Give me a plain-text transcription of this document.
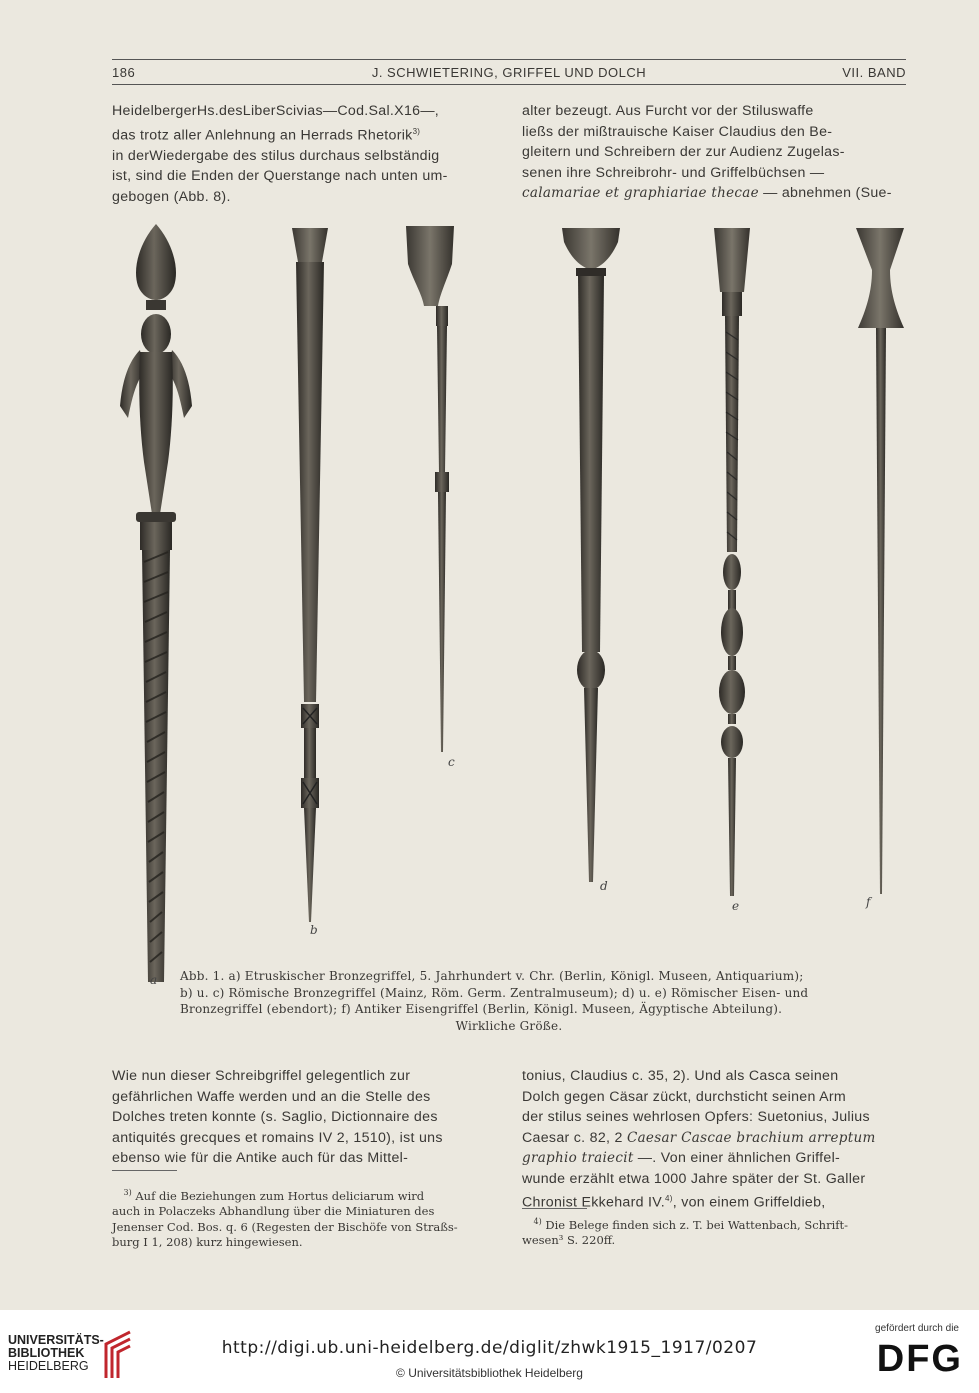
186	J. SCHWIETERING, GRIFFEL UND DOLCH	VII. BAND

HeidelbergerHs.desLiberScivias—Cod.Sal.X16—,

das trotz aller Anlehnung an Herrads Rhetorik$^{3)}$

in derWiedergabe des stilus durchaus selbständig

ist, sind die Enden der Querstange nach unten um-

gebogen (Abb. 8).

alter bezeugt. Aus Furcht vor der Stiluswaffe

ließs der mißtrauische Kaiser Claudius den Be-

gleitern und Schreibern der zur Audienz Zugelas-

senen ihre Schreibrohr- und Griffelbüchsen —

calamariae et graphiariae thecae — abnehmen (Sue-

a
b
c
d
e	f
Abb. 1. a) Etruskischer Bronzegriffel, 5. Jahrhundert v. Chr. (Berlin, Königl. Museen, Antiquarium);
b) u. c) Römische Bronzegriffel (Mainz, Röm. Germ. Zentralmuseum); d) u. e) Römischer Eisen- und
Bronzegriffel (ebendort); f) Antiker Eisengriffel (Berlin, Königl. Museen, Ägyptische Abteilung).
Wirkliche Größe.

Wie nun dieser Schreibgriffel gelegentlich zur

gefährlichen Waffe werden und an die Stelle des

Dolches treten konnte (s. Saglio, Dictionnaire des

antiquités grecques et romains IV 2, 1510), ist uns

ebenso wie für die Antike auch für das Mittel-

tonius, Claudius c. 35, 2). Und als Casca seinen

Dolch gegen Cäsar zückt, durchsticht seinen Arm

der stilus seines wehrlosen Opfers: Suetonius, Julius

Caesar c. 82, 2 Caesar Cascae brachium arreptum

graphio traiecit —. Von einer ähnlichen Griffel-

wunde erzählt etwa 1000 Jahre später der St. Galler

Chronist Ekkehard IV.$^{4)}$, von einem Griffeldieb,

 $^{3)}$ Auf die Beziehungen zum Hortus deliciarum wird
auch in Polaczeks Abhandlung über die Miniaturen des
Jenenser Cod. Bos. q. 6 (Regesten der Bischöfe von Straßs-
burg I 1, 208) kurz hingewiesen.
 $^{4)}$ Die Belege finden sich z. T. bei Wattenbach, Schrift-
wesen³ S. 220ff.
UNIVERSITÄTS-
BIBLIOTHEK
HEIDELBERG
http://digi.ub.uni-heidelberg.de/diglit/zhwk1915_1917/0207
© Universitätsbibliothek Heidelberg
gefördert durch die
DFG
